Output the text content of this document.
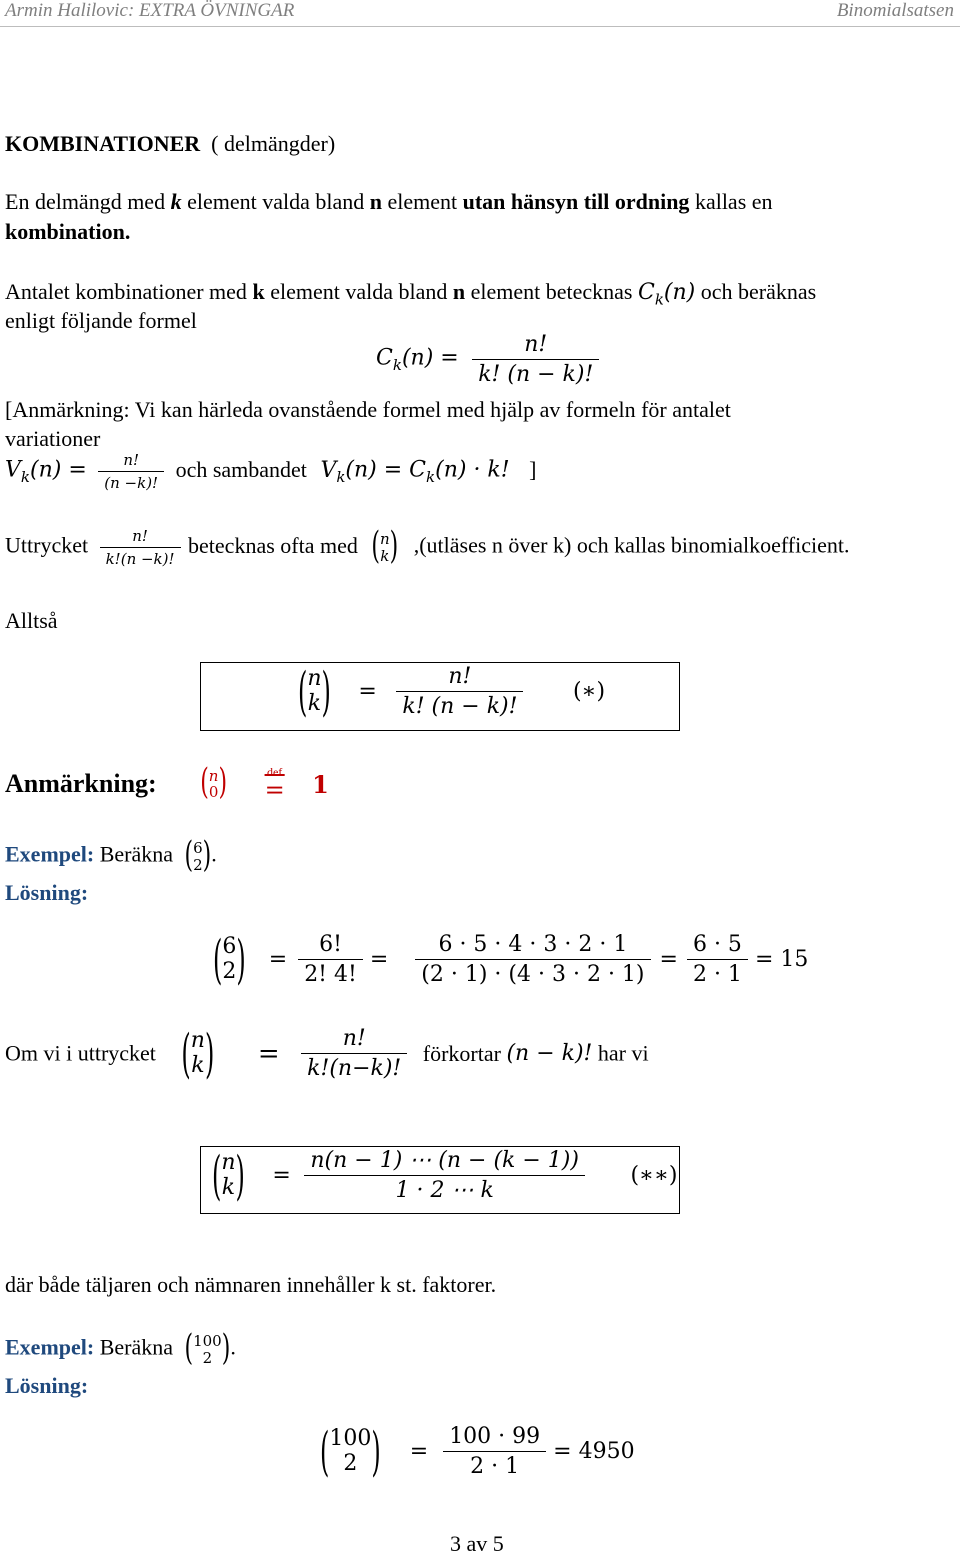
Armin Halilovic: EXTRA ÖVNINGAR	Binomialsatsen
KOMBINATIONER ( delmängder)
En delmängd med k element valda bland n element utan hänsyn till ordning kallas en
kombination.
Antalet kombinationer med k element valda bland n element betecknas $C_k(n)$ och beräknas
enligt följande formel
$C_k(n) = \frac{n!}{k! (n - k)!}$
[Anmärkning: Vi kan härleda ovanstående formel med hjälp av formeln för antalet
variationer
$V_k(n) = \frac{n!}{(n -k)!}$ och sambandet $V_k(n) = C_k(n) \cdot k$! ]
Uttrycket $\frac{n!}{k!(n -k)!}$ betecknas ofta med ( n
k ) ,(utläses n över k) och kallas binomialkoefficient.
Alltså
( n
k ) = $\frac{n!}{k! (n - k)!}$ (∗)
Anmärkning: ( n
0 )
	def
= 1
Exempel: Beräkna ( 6
2 ) .
Lösning:
( 6
2 ) = $\frac{6!}{2! 4!} = \frac{6 \cdot 5 \cdot 4 \cdot 3 \cdot 2 \cdot 1}{(2 \cdot 1) \cdot (4 \cdot 3 \cdot 2 \cdot 1)} = \frac{6 \cdot 5}{2 \cdot 1} = 15$
Om vi i uttrycket ( n
k ) = $\frac{n!}{k!(n-k)!}$ förkortar (n − k)! har vi
( n
k ) = $\frac{n(n - 1) \cdots (n - (k - 1))}{1 \cdot 2 \cdots k}$ (∗∗)
där både täljaren och nämnaren innehåller k st. faktorer.
Exempel: Beräkna ( 100
2 ) .
Lösning:
( 100
2 ) = $\frac{100 \cdot 99}{2 \cdot 1} = 4950$
3 av 5
